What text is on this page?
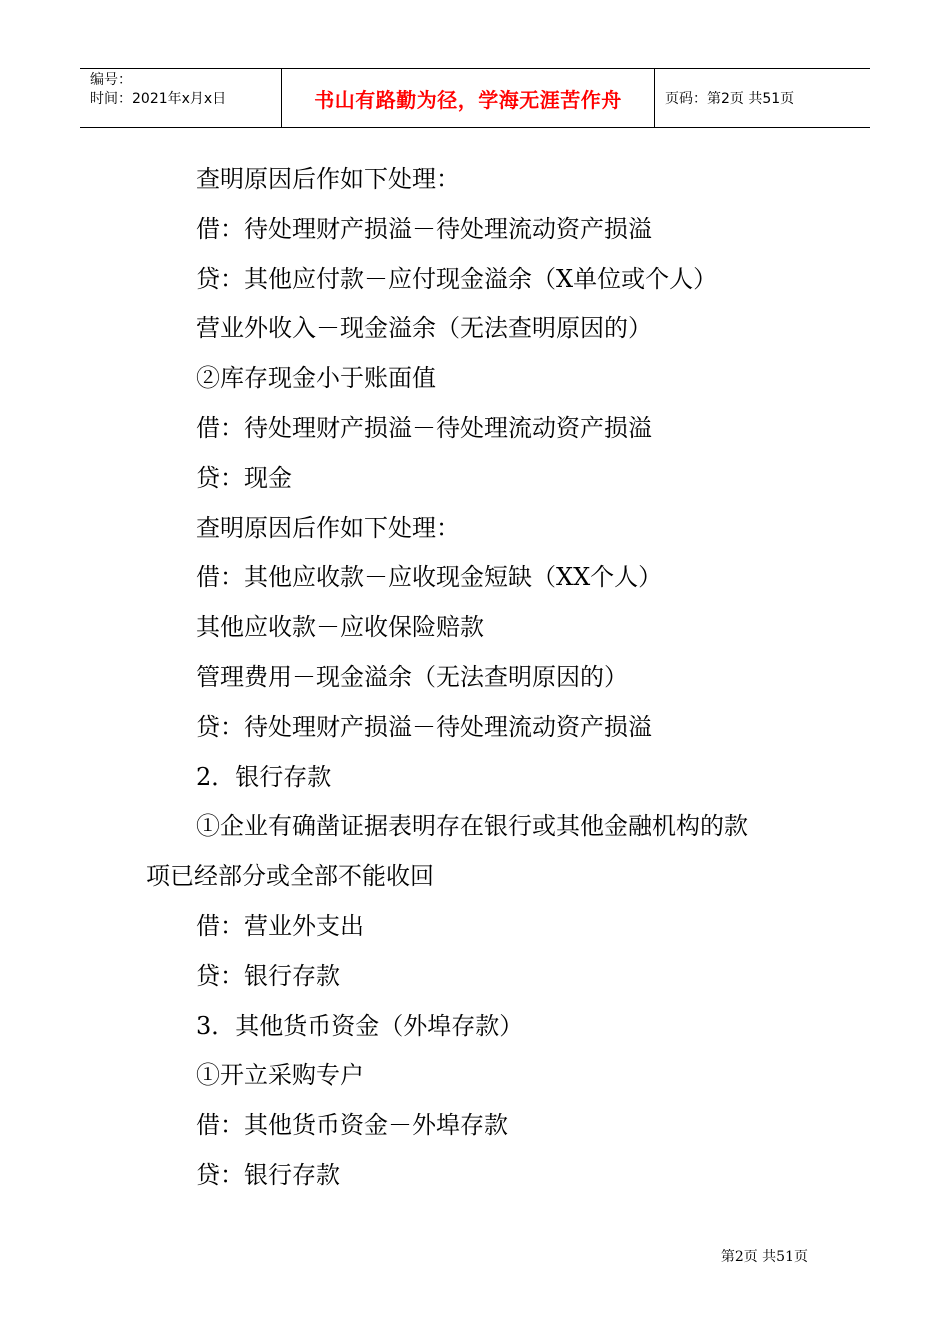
编号：
时间：2021年x月x日	书山有路勤为径，学海无涯苦作舟	页码：第2页 共51页
查明原因后作如下处理：
借：待处理财产损溢－待处理流动资产损溢
贷：其他应付款－应付现金溢余（X单位或个人）
营业外收入－现金溢余（无法查明原因的）
②库存现金小于账面值
借：待处理财产损溢－待处理流动资产损溢
贷：现金
查明原因后作如下处理：
借：其他应收款－应收现金短缺（XX个人）
其他应收款－应收保险赔款
管理费用－现金溢余（无法查明原因的）
贷：待处理财产损溢－待处理流动资产损溢
2．银行存款
①企业有确凿证据表明存在银行或其他金融机构的款
项已经部分或全部不能收回
借：营业外支出
贷：银行存款
3．其他货币资金（外埠存款）
①开立采购专户
借：其他货币资金－外埠存款
贷：银行存款
第2页 共51页
